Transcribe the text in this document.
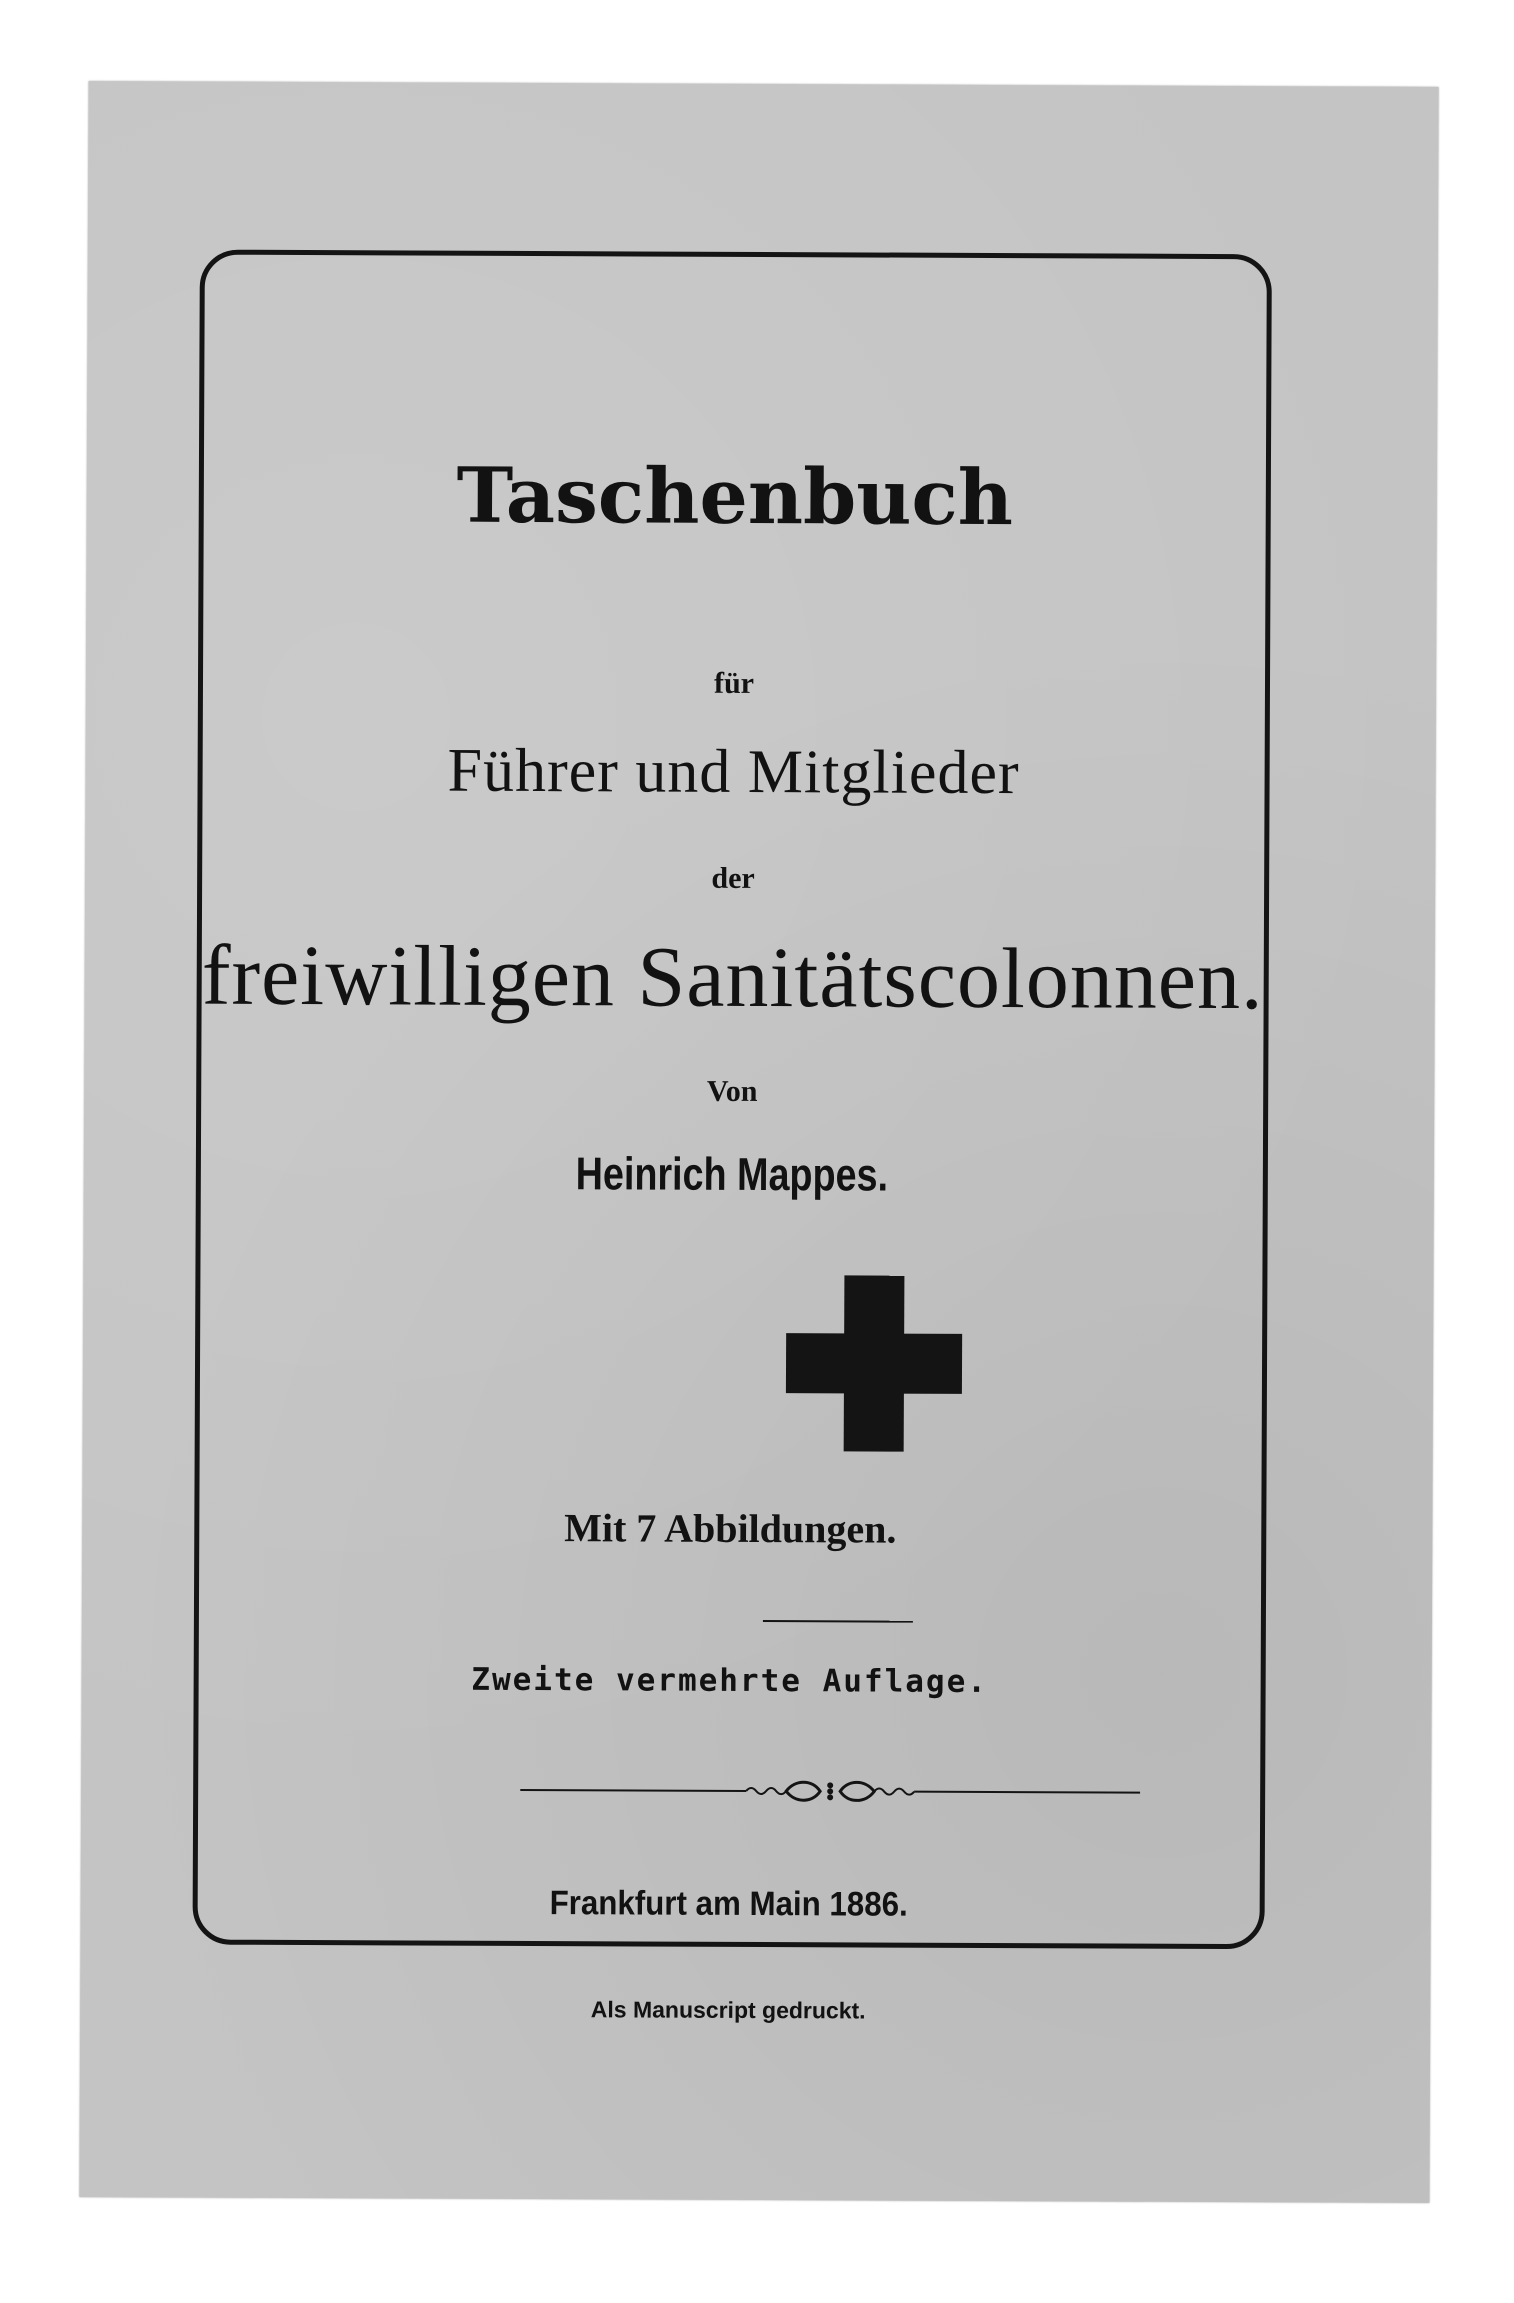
Taschenbuch
für
Führer und Mitglieder
der
freiwilligen Sanitätscolonnen.
Von
Heinrich Mappes.
Mit 7 Abbildungen.
Zweite vermehrte Auflage.
Frankfurt am Main 1886.
Als Manuscript gedruckt.
